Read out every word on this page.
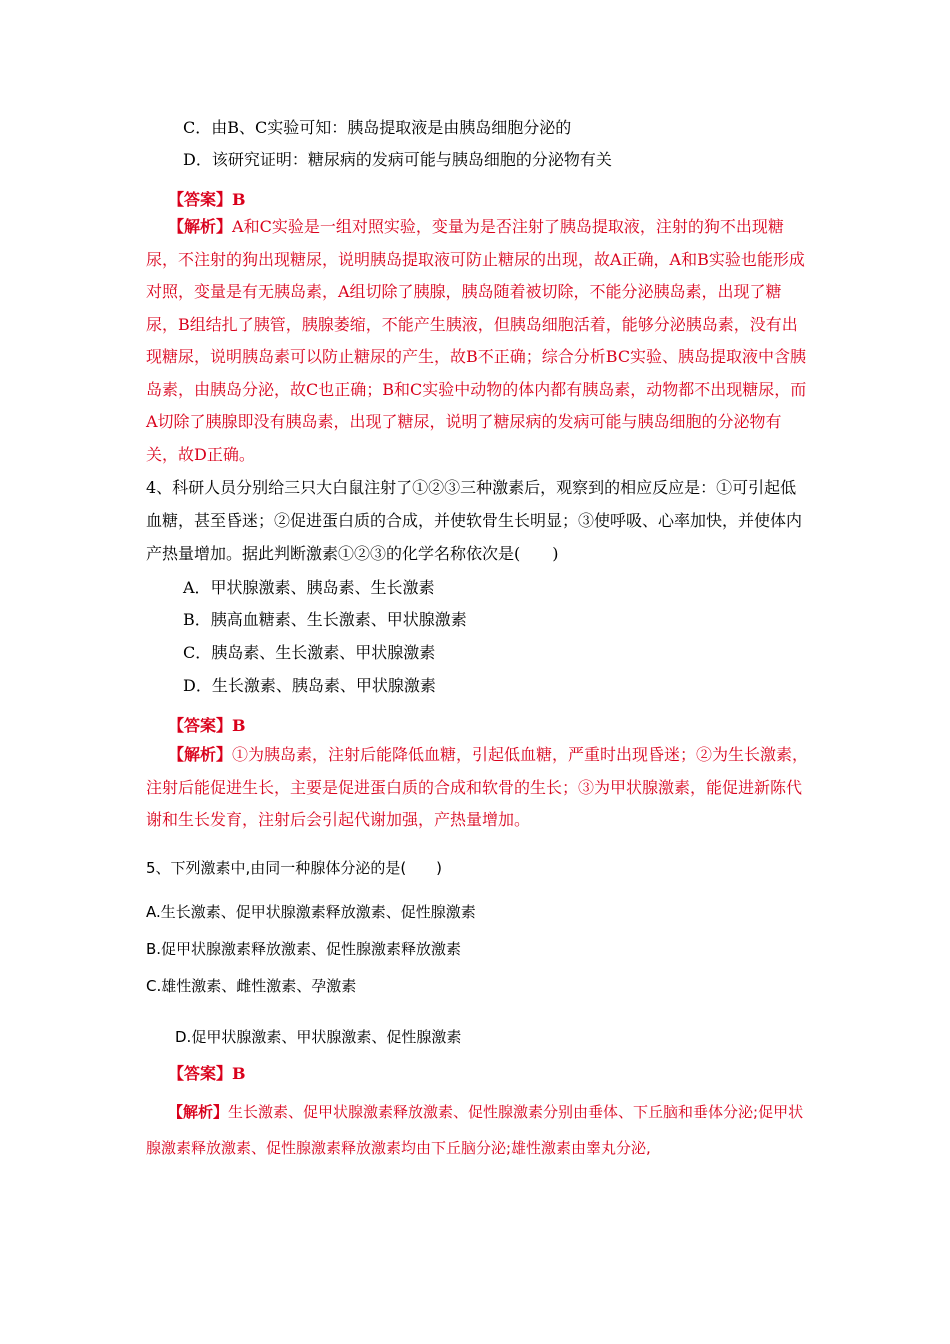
C．由B、C实验可知：胰岛提取液是由胰岛细胞分泌的
D．该研究证明：糖尿病的发病可能与胰岛细胞的分泌物有关
【答案】B
【解析】A和C实验是一组对照实验，变量为是否注射了胰岛提取液，注射的狗不出现糖尿，不注射的狗出现糖尿，说明胰岛提取液可防止糖尿的出现，故A正确，A和B实验也能形成对照，变量是有无胰岛素，A组切除了胰腺，胰岛随着被切除，不能分泌胰岛素，出现了糖尿，B组结扎了胰管，胰腺萎缩，不能产生胰液，但胰岛细胞活着，能够分泌胰岛素，没有出现糖尿，说明胰岛素可以防止糖尿的产生，故B不正确；综合分析BC实验、胰岛提取液中含胰岛素，由胰岛分泌，故C也正确；B和C实验中动物的体内都有胰岛素，动物都不出现糖尿，而A切除了胰腺即没有胰岛素，出现了糖尿，说明了糖尿病的发病可能与胰岛细胞的分泌物有关，故D正确。
4、科研人员分别给三只大白鼠注射了①②③三种激素后，观察到的相应反应是：①可引起低血糖，甚至昏迷；②促进蛋白质的合成，并使软骨生长明显；③使呼吸、心率加快，并使体内产热量增加。据此判断激素①②③的化学名称依次是(　　)
A．甲状腺激素、胰岛素、生长激素
B．胰高血糖素、生长激素、甲状腺激素
C．胰岛素、生长激素、甲状腺激素
D．生长激素、胰岛素、甲状腺激素
【答案】B
【解析】①为胰岛素，注射后能降低血糖，引起低血糖，严重时出现昏迷；②为生长激素，注射后能促进生长，主要是促进蛋白质的合成和软骨的生长；③为甲状腺激素，能促进新陈代谢和生长发育，注射后会引起代谢加强，产热量增加。
5、下列激素中,由同一种腺体分泌的是(　　)
A.生长激素、促甲状腺激素释放激素、促性腺激素
B.促甲状腺激素释放激素、促性腺激素释放激素
C.雄性激素、雌性激素、孕激素
D.促甲状腺激素、甲状腺激素、促性腺激素
【答案】B
【解析】生长激素、促甲状腺激素释放激素、促性腺激素分别由垂体、下丘脑和垂体分泌;促甲状腺激素释放激素、促性腺激素释放激素均由下丘脑分泌;雄性激素由睾丸分泌,
